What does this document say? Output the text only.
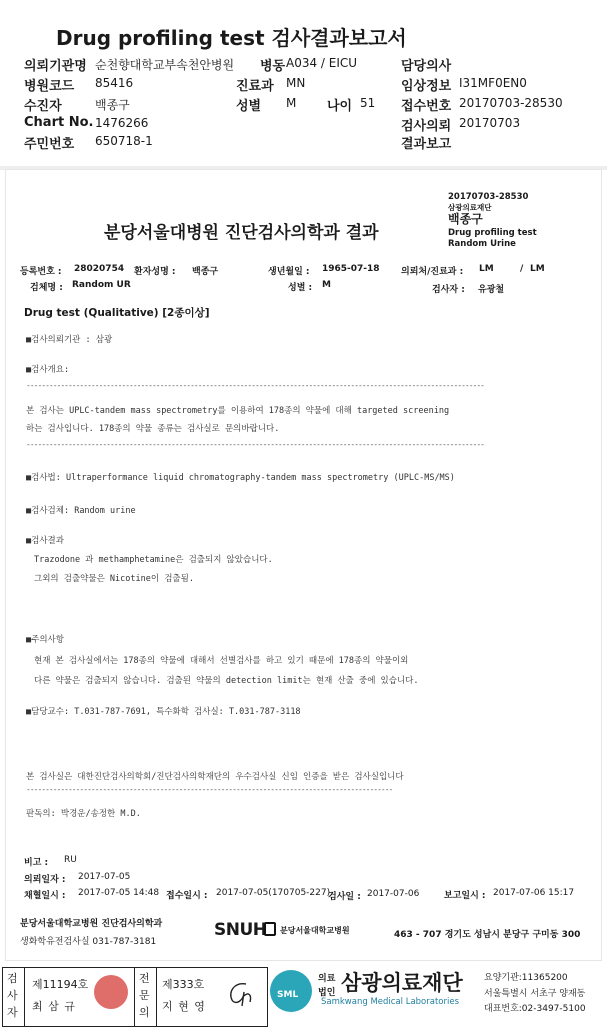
Drug profiling test 검사결과보고서
의뢰기관명 순천향대학교부속천안병원
병원코드 85416
수진자	백종구
Chart No. 1476266
주민번호 650718-1
병동 A034 / EICU
진료과 MN
성별 M 나이 51
담당의사
임상정보 I31MF0EN0
접수번호 20170703-28530
검사의뢰 20170703
결과보고
20170703-28530
삼광의료재단
백종구
Drug profiling test
Random Urine
분당서울대병원 진단검사의학과 결과
등록번호 : 28020754 환자성명 : 백종구	생년월일 : 1965-07-18 의뢰처/진료과 : LM	/ LM
검체명 : Random UR	성별 : M	검사자 : 유광철
Drug test (Qualitative) [2종이상]
■검사의뢰기관 : 삼광
■검사개요:
------------------------------------------------------------------------------------------------------------------------
본 검사는 UPLC-tandem mass spectrometry를 이용하여 178종의 약물에 대해 targeted screening
하는 검사입니다. 178종의 약물 종류는 검사실로 문의바랍니다.
------------------------------------------------------------------------------------------------------------------------
■검사법: Ultraperformance liquid chromatography-tandem mass spectrometry (UPLC-MS/MS)
■검사검체: Random urine
■검사결과
Trazodone 과 methamphetamine은 검출되지 않았습니다.
그외의 검출약물은 Nicotine이 검출됨.
■주의사항
현재 본 검사실에서는 178종의 약물에 대해서 선별검사를 하고 있기 때문에 178종의 약물이외
다른 약물은 검출되지 않습니다. 검출된 약물의 detection limit는 현재 산출 중에 있습니다.
■담당교수: T.031-787-7691, 특수화학 검사실: T.031-787-3118
본 검사실은 대한진단검사의학회/진단검사의학재단의 우수검사실 신임 인증을 받은 검사실입니다
------------------------------------------------------------------------------------------------
판독의: 박경운/송정한 M.D.
비고 : RU
의뢰일자 : 2017-07-05
채혈일시 : 2017-07-05 14:48 접수일시 : 2017-07-05(170705-227)
검사일 : 2017-07-06	보고일시 : 2017-07-06 15:17
분당서울대학교병원 진단검사의학과
생화학유전검사실 031-787-3181
SNUH 분당서울대학교병원	463 - 707 경기도 성남시 분당구 구미동 300
검사자
제11194호
최 삼 규
전문의
제333호
지 현 영
SML
의료
법인 삼광의료재단
Samkwang Medical Laboratories
요양기관:11365200
서울특별시 서초구 양재동
대표번호:02-3497-5100
